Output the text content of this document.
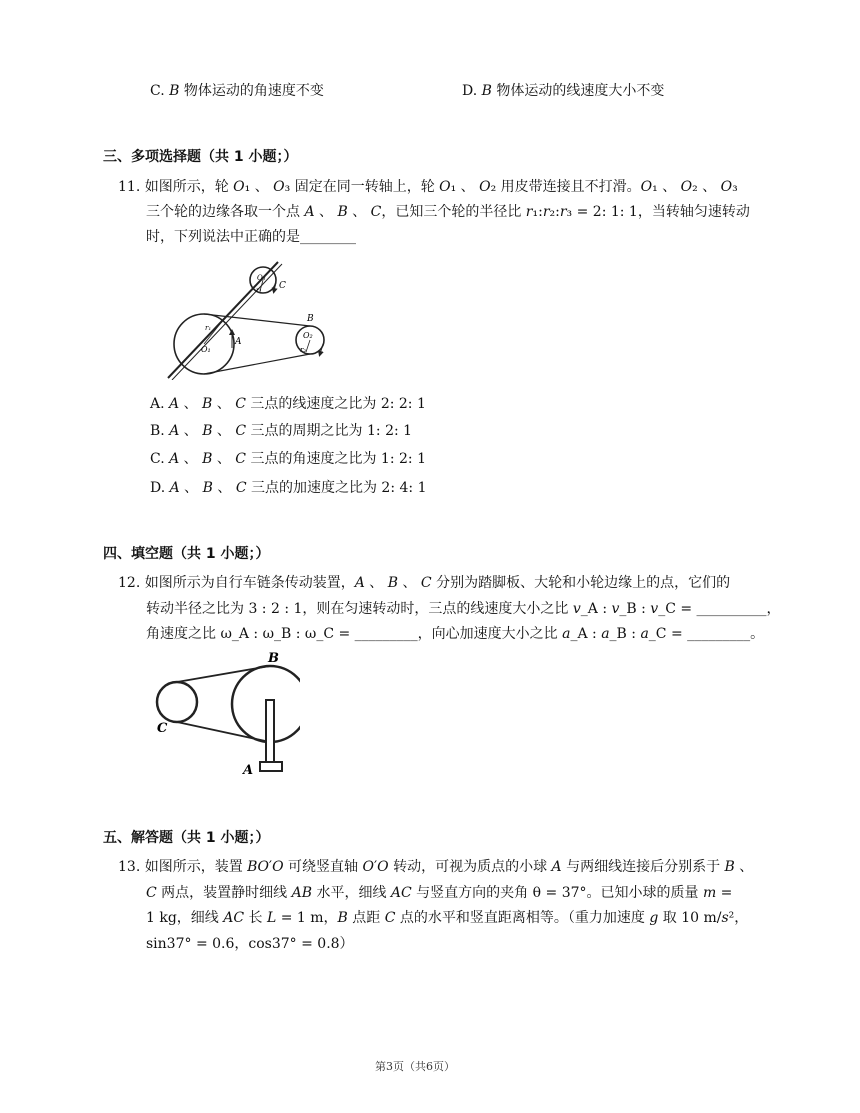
C. 𝐵 物体运动的角速度不变	D. 𝐵 物体运动的线速度大小不变
三、多项选择题（共 1 小题；）
11. 如图所示，轮 𝑂₁ 、 𝑂₃ 固定在同一转轴上，轮 𝑂₁ 、 𝑂₂ 用皮带连接且不打滑。𝑂₁ 、 𝑂₂ 、 𝑂₃
三个轮的边缘各取一个点 𝐴 、 𝐵 、 𝐶，已知三个轮的半径比 𝑟₁:𝑟₂:𝑟₃ = 2: 1: 1，当转轴匀速转动
时，下列说法中正确的是________
O₁
r₁
A
O₂
r₂
B
O₃
r₃ C
A. 𝐴 、 𝐵 、 𝐶 三点的线速度之比为 2: 2: 1
B. 𝐴 、 𝐵 、 𝐶 三点的周期之比为 1: 2: 1
C. 𝐴 、 𝐵 、 𝐶 三点的角速度之比为 1: 2: 1
D. 𝐴 、 𝐵 、 𝐶 三点的加速度之比为 2: 4: 1
四、填空题（共 1 小题；）
12. 如图所示为自行车链条传动装置，𝐴 、 𝐵 、 𝐶 分别为踏脚板、大轮和小轮边缘上的点，它们的
转动半径之比为 3 : 2 : 1，则在匀速转动时，三点的线速度大小之比 𝑣_A : 𝑣_B : 𝑣_C = __________，
角速度之比 ω_A : ω_B : ω_C = _________，向心加速度大小之比 𝑎_A : 𝑎_B : 𝑎_C = _________。
B
C
A
五、解答题（共 1 小题；）
13. 如图所示，装置 𝐵𝑂′𝑂 可绕竖直轴 𝑂′𝑂 转动，可视为质点的小球 𝐴 与两细线连接后分别系于 𝐵 、
𝐶 两点，装置静时细线 𝐴𝐵 水平，细线 𝐴𝐶 与竖直方向的夹角 θ = 37°。已知小球的质量 𝑚 =
1 kg，细线 𝐴𝐶 长 𝐿 = 1 m，𝐵 点距 𝐶 点的水平和竖直距离相等。（重力加速度 𝑔 取 10 m/𝑠²，
sin37° = 0.6，cos37° = 0.8）
第3页（共6页）
